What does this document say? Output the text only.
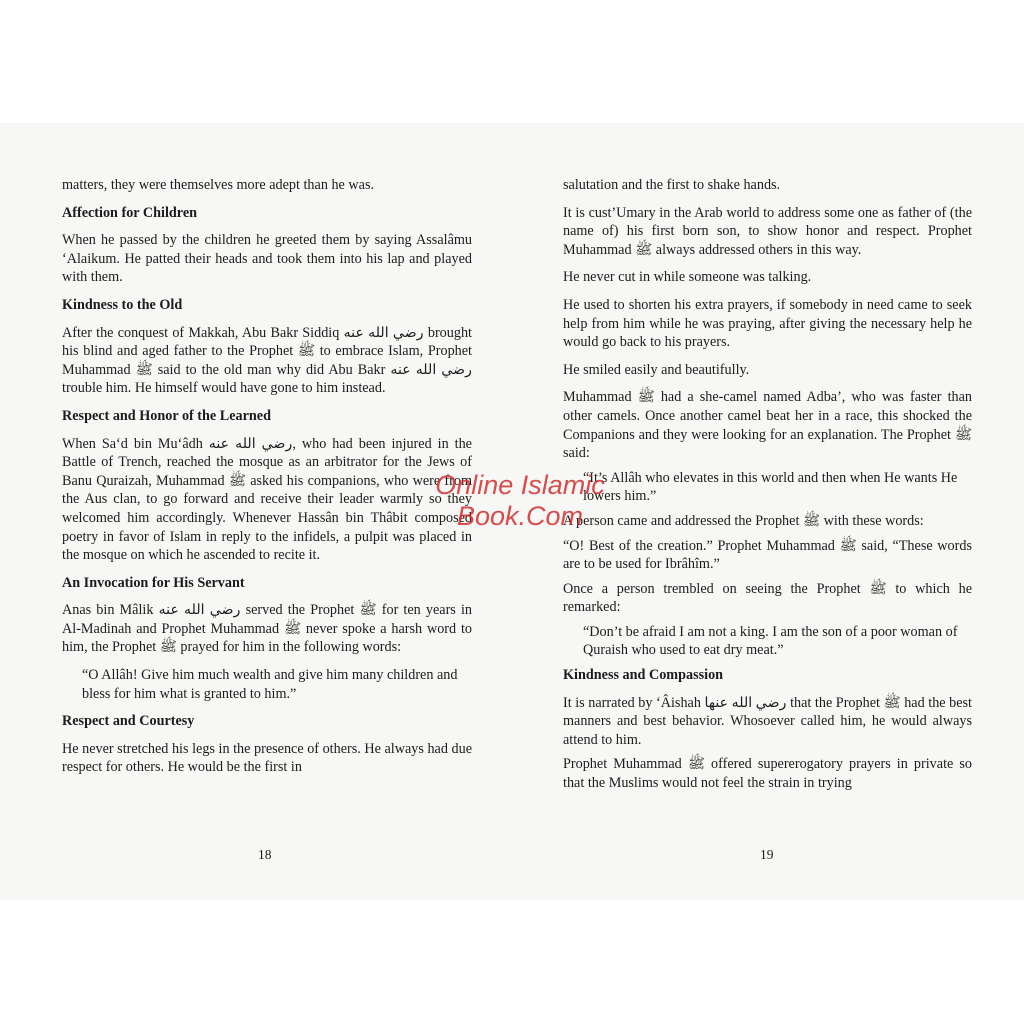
matters, they were themselves more adept than he was.

Affection for Children

When he passed by the children he greeted them by saying Assalâmu ‘Alaikum. He patted their heads and took them into his lap and played with them.

Kindness to the Old

After the conquest of Makkah, Abu Bakr Siddiq رضي الله عنه brought his blind and aged father to the Prophet ﷺ to embrace Islam, Prophet Muhammad ﷺ said to the old man why did Abu Bakr رضي الله عنه trouble him. He himself would have gone to him instead.

Respect and Honor of the Learned

When Sa‘d bin Mu‘âdh رضي الله عنه, who had been injured in the Battle of Trench, reached the mosque as an arbitrator for the Jews of Banu Quraizah, Muhammad ﷺ asked his companions, who were from the Aus clan, to go forward and receive their leader warmly so they welcomed him accordingly. Whenever Hassân bin Thâbit composed poetry in favor of Islam in reply to the infidels, a pulpit was placed in the mosque on which he ascended to recite it.

An Invocation for His Servant

Anas bin Mâlik رضي الله عنه served the Prophet ﷺ for ten years in Al-Madinah and Prophet Muhammad ﷺ never spoke a harsh word to him, the Prophet ﷺ prayed for him in the following words:

“O Allâh! Give him much wealth and give him many children and bless for him what is granted to him.”

Respect and Courtesy

He never stretched his legs in the presence of others. He always had due respect for others. He would be the first in

salutation and the first to shake hands.

It is cust’Umary in the Arab world to address some one as father of (the name of) his first born son, to show honor and respect. Prophet Muhammad ﷺ always addressed others in this way.

He never cut in while someone was talking.

He used to shorten his extra prayers, if somebody in need came to seek help from him while he was praying, after giving the necessary help he would go back to his prayers.

He smiled easily and beautifully.

Muhammad ﷺ had a she-camel named Adba’, who was faster than other camels. Once another camel beat her in a race, this shocked the Companions and they were looking for an explanation. The Prophet ﷺ said:

“It’s Allâh who elevates in this world and then when He wants He lowers him.”

A person came and addressed the Prophet ﷺ with these words:

“O! Best of the creation.” Prophet Muhammad ﷺ said, “These words are to be used for Ibrâhîm.”

Once a person trembled on seeing the Prophet ﷺ to which he remarked:

“Don’t be afraid I am not a king. I am the son of a poor woman of Quraish who used to eat dry meat.”

Kindness and Compassion

It is narrated by ‘Âishah رضي الله عنها that the Prophet ﷺ had the best manners and best behavior. Whosoever called him, he would always attend to him.

Prophet Muhammad ﷺ offered supererogatory prayers in private so that the Muslims would not feel the strain in trying

18	19
Online Islamic
Book.Com
